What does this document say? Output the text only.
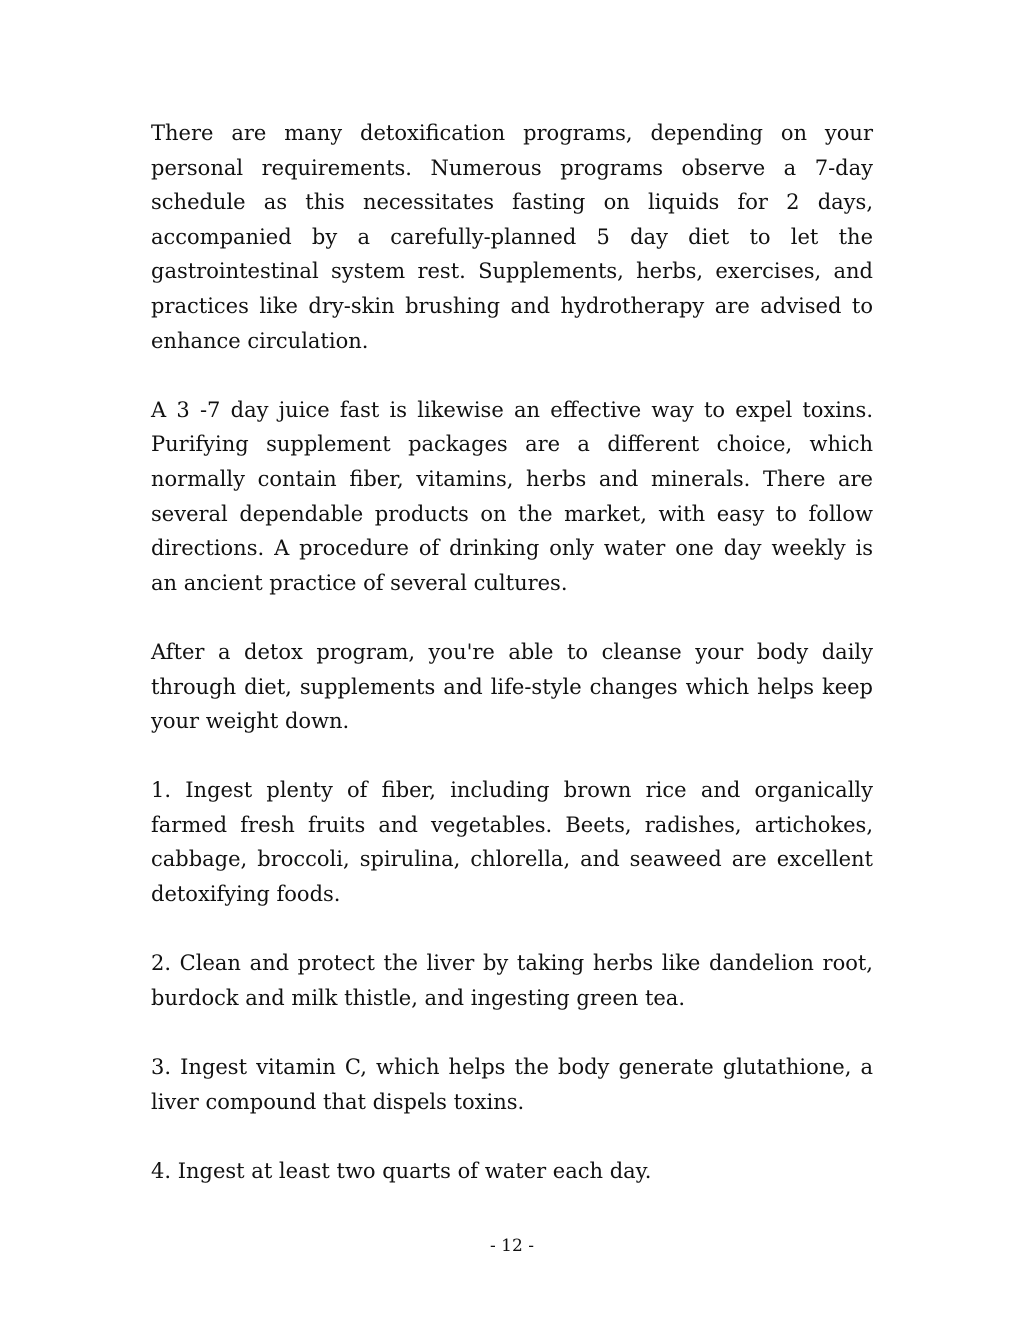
There are many detoxification programs, depending on your personal requirements. Numerous programs observe a 7-day schedule as this necessitates fasting on liquids for 2 days, accompanied by a carefully-planned 5 day diet to let the gastrointestinal system rest. Supplements, herbs, exercises, and practices like dry-skin brushing and hydrotherapy are advised to enhance circulation.

A 3 -7 day juice fast is likewise an effective way to expel toxins. Purifying supplement packages are a different choice, which normally contain fiber, vitamins, herbs and minerals. There are several dependable products on the market, with easy to follow directions. A procedure of drinking only water one day weekly is an ancient practice of several cultures.

After a detox program, you're able to cleanse your body daily through diet, supplements and life-style changes which helps keep your weight down.

1. Ingest plenty of fiber, including brown rice and organically farmed fresh fruits and vegetables. Beets, radishes, artichokes, cabbage, broccoli, spirulina, chlorella, and seaweed are excellent detoxifying foods.

2. Clean and protect the liver by taking herbs like dandelion root, burdock and milk thistle, and ingesting green tea.

3. Ingest vitamin C, which helps the body generate glutathione, a liver compound that dispels toxins.

4. Ingest at least two quarts of water each day.

- 12 -
